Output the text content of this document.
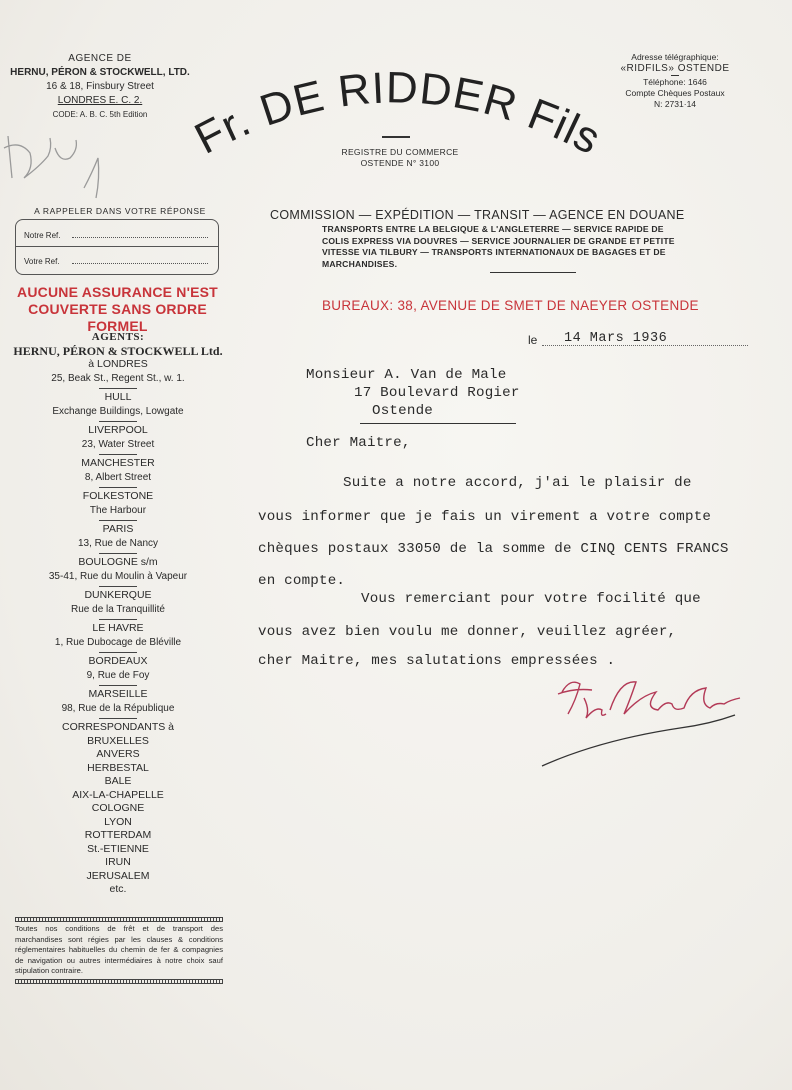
AGENCE DE
HERNU, PÉRON & STOCKWELL, LTD.
16 & 18, Finsbury Street
LONDRES E. C. 2.
CODE: A. B. C. 5th Edition Fr. DE RIDDER Fils
REGISTRE DU COMMERCE
OSTENDE N° 3100
Adresse télégraphique:
«RIDFILS» OSTENDE
Téléphone: 1646
Compte Chèques Postaux
N: 2731·14
A RAPPELER DANS VOTRE RÉPONSE
Notre Ref.
Votre Ref.
AUCUNE ASSURANCE N'EST
COUVERTE SANS ORDRE FORMEL
AGENTS:
HERNU, PÉRON & STOCKWELL Ltd.
à LONDRES
25, Beak St., Regent St., w. 1.
HULL
Exchange Buildings, Lowgate
LIVERPOOL
23, Water Street
MANCHESTER
8, Albert Street
FOLKESTONE
The Harbour
PARIS
13, Rue de Nancy
BOULOGNE s/m
35-41, Rue du Moulin à Vapeur
DUNKERQUE
Rue de la Tranquillité
LE HAVRE
1, Rue Dubocage de Bléville
BORDEAUX
9, Rue de Foy
MARSEILLE
98, Rue de la République
CORRESPONDANTS à
BRUXELLES
ANVERS
HERBESTAL
BALE
AIX-LA-CHAPELLE
COLOGNE
LYON
ROTTERDAM
St.-ETIENNE
IRUN
JERUSALEM
etc.
Toutes nos conditions de frêt et de transport des marchandises sont régies par les clauses & conditions réglementaires habituelles du chemin de fer & compagnies de navigation ou autres intermédiaires à notre choix sauf stipulation contraire.
COMMISSION — EXPÉDITION — TRANSIT — AGENCE EN DOUANE
TRANSPORTS ENTRE LA BELGIQUE & L'ANGLETERRE — SERVICE RAPIDE DE
COLIS EXPRESS VIA DOUVRES — SERVICE JOURNALIER DE GRANDE ET PETITE
VITESSE VIA TILBURY — TRANSPORTS INTERNATIONAUX DE BAGAGES ET DE
MARCHANDISES.
BUREAUX: 38, AVENUE DE SMET DE NAEYER OSTENDE
le 14 Mars 1936
Monsieur A. Van de Male
17 Boulevard Rogier
Ostende
Cher Maitre,
Suite a notre accord, j'ai le plaisir de
vous informer que je fais un virement a votre compte
chèques postaux 33050 de la somme de CINQ CENTS FRANCS
en compte.
Vous remerciant pour votre focilité que
vous avez bien voulu me donner, veuillez agréer,
cher Maitre, mes salutations empressées .
